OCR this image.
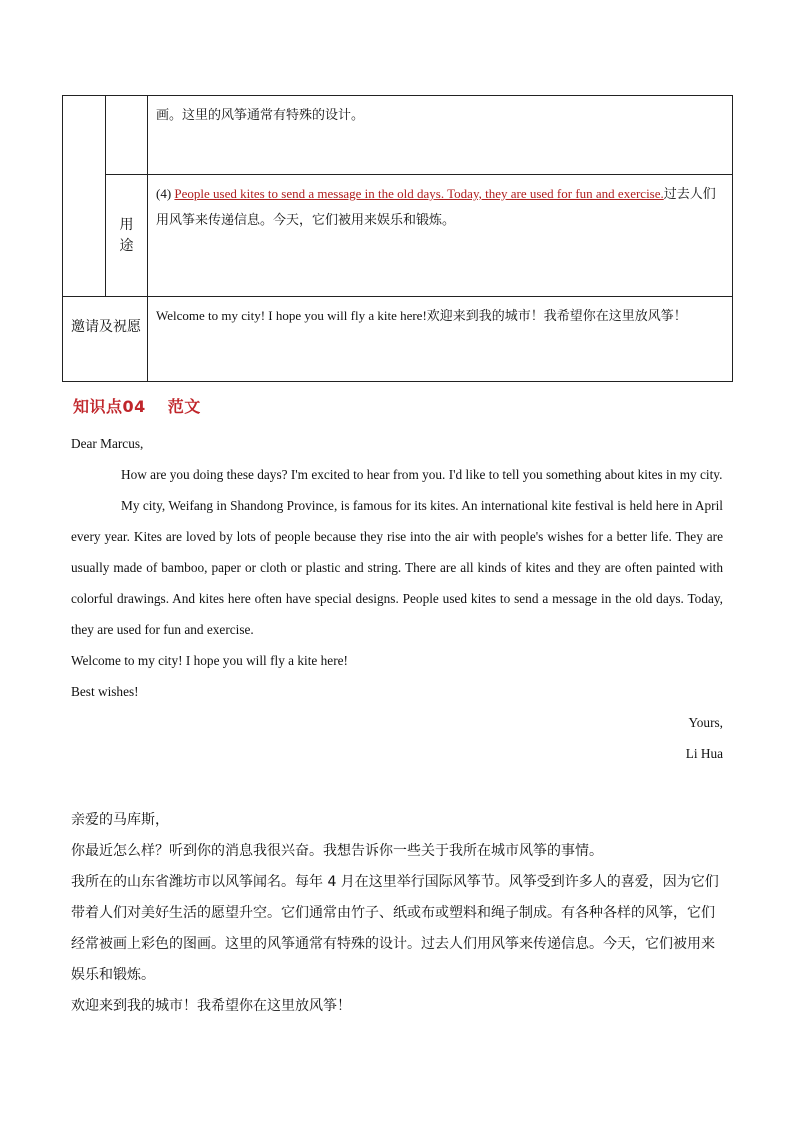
		画。这里的风筝通常有特殊的设计。
	用途	(4) People used kites to send a message in the old days. Today, they are used for fun and exercise.过去人们用风筝来传递信息。今天，它们被用来娱乐和锻炼。
邀请及祝愿		Welcome to my city! I hope you will fly a kite here!欢迎来到我的城市！我希望你在这里放风筝！
知识点04 范文

Dear Marcus,

How are you doing these days? I'm excited to hear from you. I'd like to tell you something about kites in my city.

My city, Weifang in Shandong Province, is famous for its kites. An international kite festival is held here in April every year. Kites are loved by lots of people because they rise into the air with people's wishes for a better life. They are usually made of bamboo, paper or cloth or plastic and string. There are all kinds of kites and they are often painted with colorful drawings. And kites here often have special designs. People used kites to send a message in the old days. Today, they are used for fun and exercise.

Welcome to my city! I hope you will fly a kite here!

Best wishes!

Yours,

Li Hua

亲爱的马库斯，

你最近怎么样？听到你的消息我很兴奋。我想告诉你一些关于我所在城市风筝的事情。

我所在的山东省潍坊市以风筝闻名。每年 4 月在这里举行国际风筝节。风筝受到许多人的喜爱，因为它们带着人们对美好生活的愿望升空。它们通常由竹子、纸或布或塑料和绳子制成。有各种各样的风筝，它们经常被画上彩色的图画。这里的风筝通常有特殊的设计。过去人们用风筝来传递信息。今天，它们被用来娱乐和锻炼。

欢迎来到我的城市！我希望你在这里放风筝！
